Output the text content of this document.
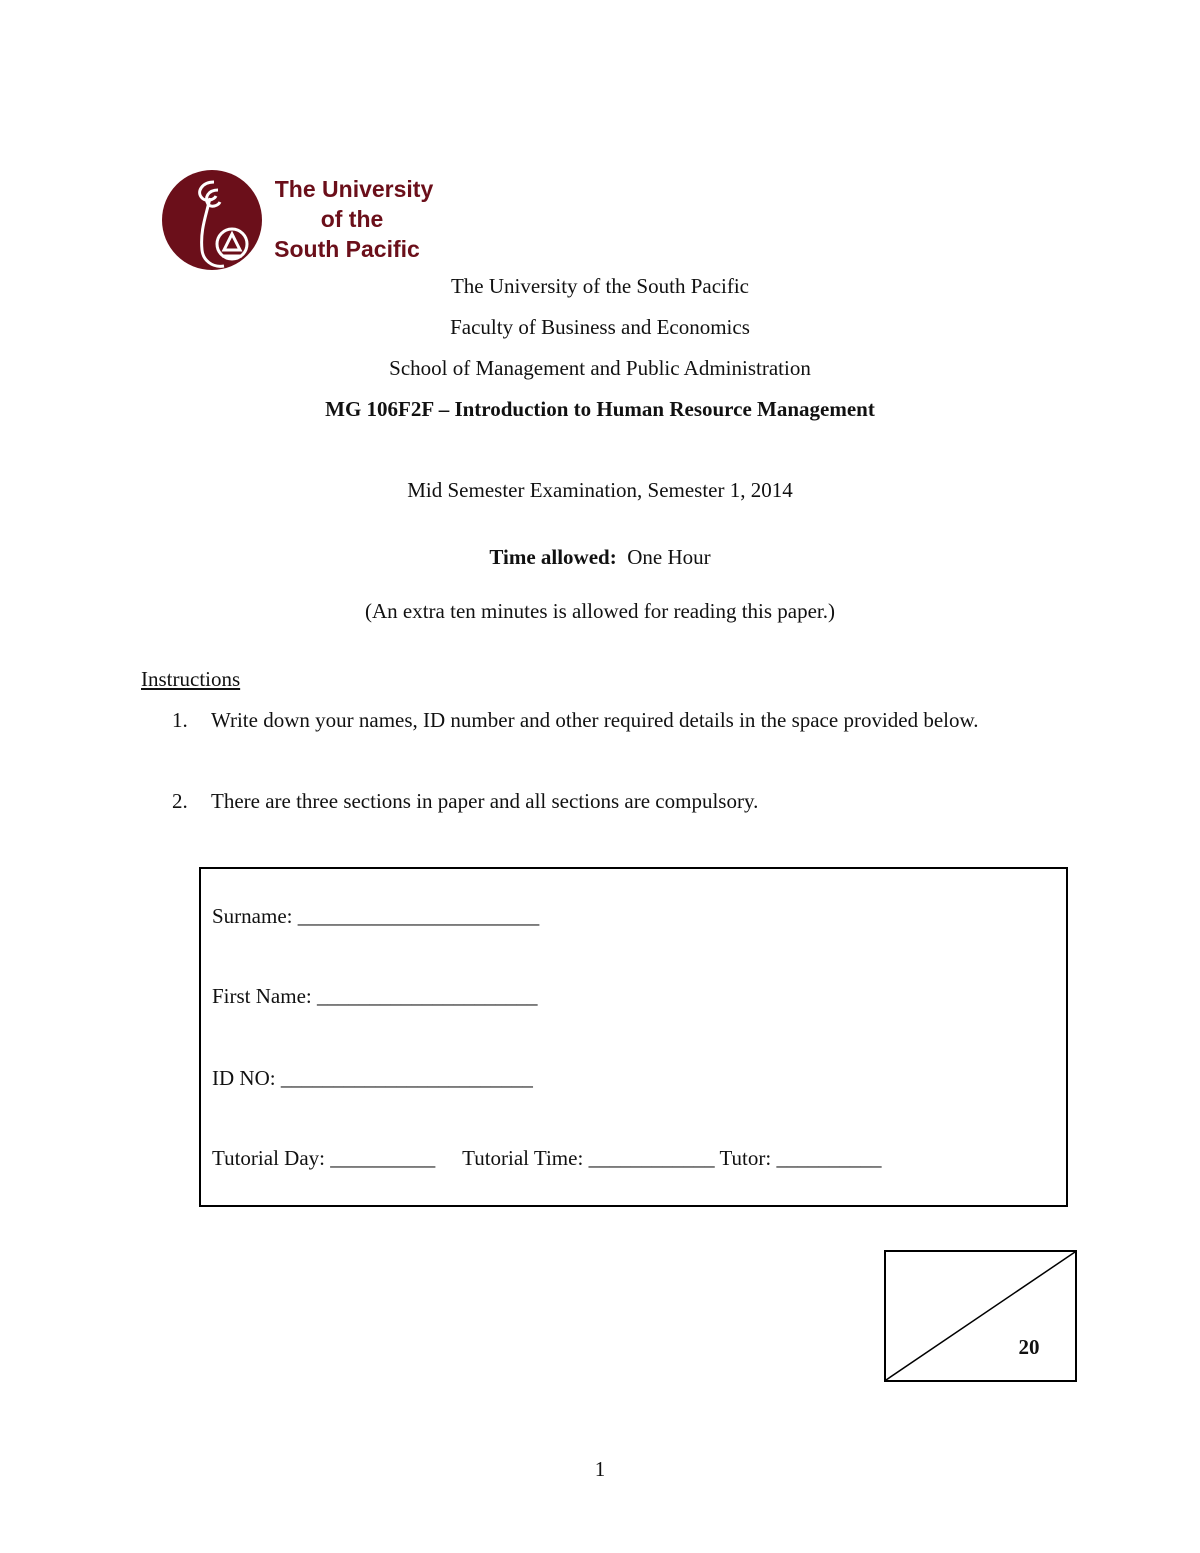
The University
of the
South Pacific
The University of the South Pacific
Faculty of Business and Economics
School of Management and Public Administration
MG 106F2F – Introduction to Human Resource Management
Mid Semester Examination, Semester 1, 2014
Time allowed: One Hour
(An extra ten minutes is allowed for reading this paper.)
Instructions
1.	Write down your names, ID number and other required details in the space provided below.
2.	There are three sections in paper and all sections are compulsory.
Surname: _______________________
First Name: _____________________
ID NO: ________________________
Tutorial Day: __________ Tutorial Time: ____________ Tutor: __________
20
1
